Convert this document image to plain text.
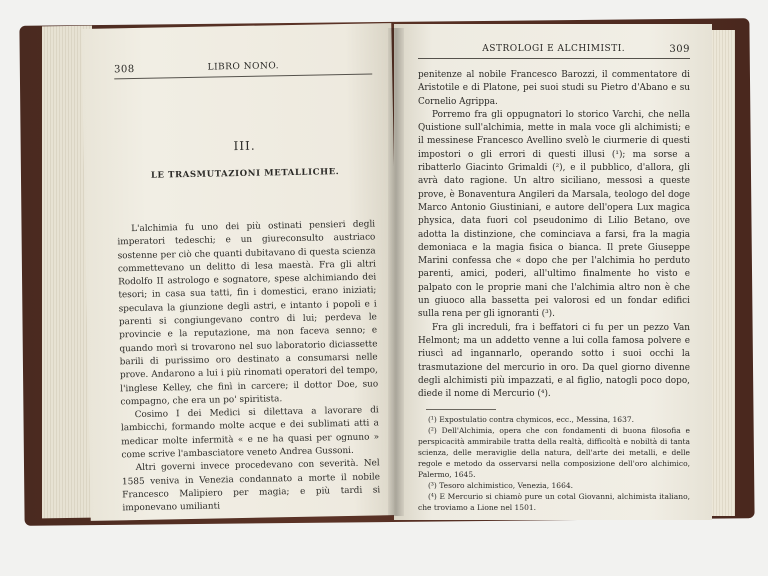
308	LIBRO NONO.
III.
LE TRASMUTAZIONI METALLICHE.

L'alchimia fu uno dei più ostinati pensieri degli imperatori tedeschi; e un giureconsulto austriaco sostenne per ciò che quanti dubitavano di questa scienza commettevano un delitto di lesa maestà. Fra gli altri Rodolfo II astrologo e sognatore, spese alchimiando dei tesori; in casa sua tatti, fin i domestici, erano iniziati; speculava la giunzione degli astri, e intanto i popoli e i parenti si congiungevano contro di lui; perdeva le provincie e la reputazione, ma non faceva senno; e quando morì si trovarono nel suo laboratorio diciassette barili di purissimo oro destinato a consumarsi nelle prove. Andarono a lui i più rinomati operatori del tempo, l'inglese Kelley, che finì in carcere; il dottor Doe, suo compagno, che era un po' spiritista.

Cosimo I dei Medici si dilettava a lavorare di lambicchi, formando molte acque e dei sublimati atti a medicar molte infermità « e ne ha quasi per ognuno » come scrive l'ambasciatore veneto Andrea Gussoni.

Altri governi invece procedevano con severità. Nel 1585 veniva in Venezia condannato a morte il nobile Francesco Malipiero per magia; e più tardi si imponevano umilianti

ASTROLOGI E ALCHIMISTI.	309

penitenze al nobile Francesco Barozzi, il commentatore di Aristotile e di Platone, pei suoi studi su Pietro d'Abano e su Cornelio Agrippa.

Porremo fra gli oppugnatori lo storico Varchi, che nella Quistione sull'alchimia, mette in mala voce gli alchimisti; e il messinese Francesco Avellino svelò le ciurmerie di questi impostori o gli errori di questi illusi (¹); ma sorse a ribatterlo Giacinto Grimaldi (²), e il pubblico, d'allora, gli avrà dato ragione. Un altro siciliano, messosi a queste prove, è Bonaventura Angileri da Marsala, teologo del doge Marco Antonio Giustiniani, e autore dell'opera Lux magica physica, data fuori col pseudonimo di Lilio Betano, ove adotta la distinzione, che cominciava a farsi, fra la magia demoniaca e la magia fisica o bianca. Il prete Giuseppe Marini confessa che « dopo che per l'alchimia ho perduto parenti, amici, poderi, all'ultimo finalmente ho visto e palpato con le proprie mani che l'alchimia altro non è che un giuoco alla bassetta pei valorosi ed un fondar edifici sulla rena per gli ignoranti (³).

Fra gli increduli, fra i beffatori ci fu per un pezzo Van Helmont; ma un addetto venne a lui colla famosa polvere e riuscì ad ingannarlo, operando sotto i suoi occhi la trasmutazione del mercurio in oro. Da quel giorno divenne degli alchimisti più impazzati, e al figlio, natogli poco dopo, diede il nome di Mercurio (⁴).

(¹) Expostulatio contra chymicos, ecc., Messina, 1637.

(²) Dell'Alchimia, opera che con fondamenti di buona filosofia e perspicacità ammirabile tratta della realtà, difficoltà e nobiltà di tanta scienza, delle meraviglie della natura, dell'arte dei metalli, e delle regole e metodo da osservarsi nella composizione dell'oro alchimico, Palermo, 1645.

(³) Tesoro alchimistico, Venezia, 1664.

(⁴) E Mercurio si chiamò pure un cotal Giovanni, alchimista italiano, che troviamo a Lione nel 1501.
